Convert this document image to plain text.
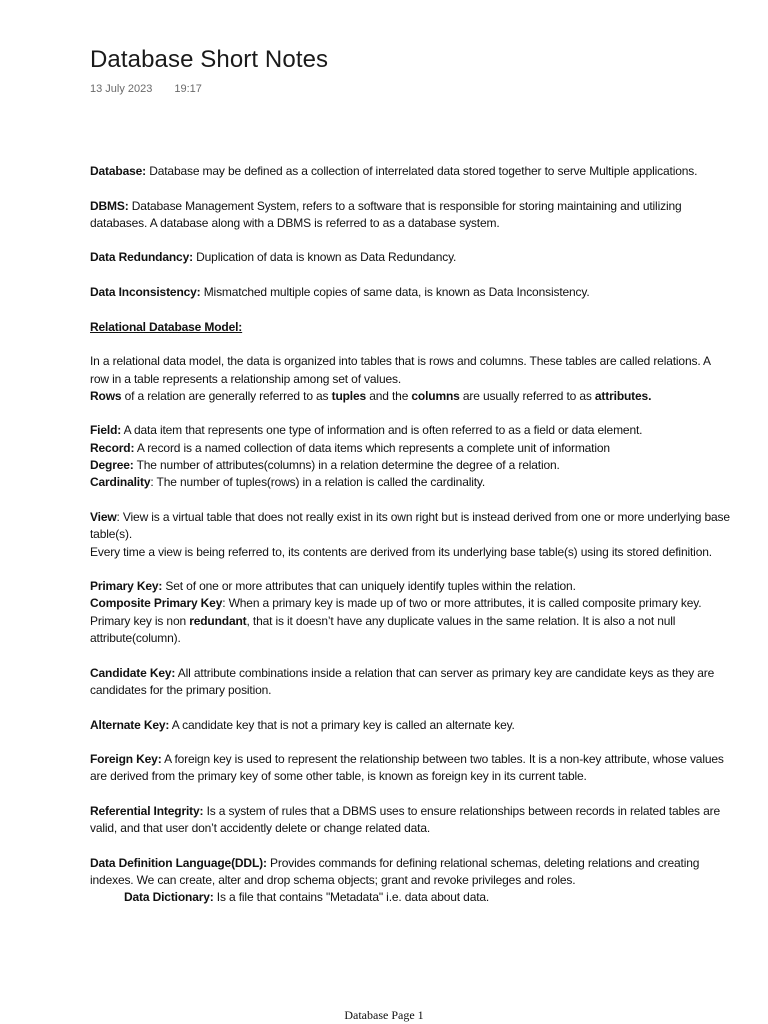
Database Short Notes
13 July 2023 19:17

Database: Database may be defined as a collection of interrelated data stored together to serve Multiple applications.

DBMS: Database Management System, refers to a software that is responsible for storing maintaining and utilizing databases. A database along with a DBMS is referred to as a database system.

Data Redundancy: Duplication of data is known as Data Redundancy.

Data Inconsistency: Mismatched multiple copies of same data, is known as Data Inconsistency.

Relational Database Model:

In a relational data model, the data is organized into tables that is rows and columns. These tables are called relations. A row in a table represents a relationship among set of values.

Rows of a relation are generally referred to as tuples and the columns are usually referred to as attributes.

Field: A data item that represents one type of information and is often referred to as a field or data element.

Record: A record is a named collection of data items which represents a complete unit of information

Degree: The number of attributes(columns) in a relation determine the degree of a relation.

Cardinality: The number of tuples(rows) in a relation is called the cardinality.

View: View is a virtual table that does not really exist in its own right but is instead derived from one or more underlying base table(s).

Every time a view is being referred to, its contents are derived from its underlying base table(s) using its stored definition.

Primary Key: Set of one or more attributes that can uniquely identify tuples within the relation.

Composite Primary Key: When a primary key is made up of two or more attributes, it is called composite primary key.

Primary key is non redundant, that is it doesn’t have any duplicate values in the same relation. It is also a not null attribute(column).

Candidate Key: All attribute combinations inside a relation that can server as primary key are candidate keys as they are candidates for the primary position.

Alternate Key: A candidate key that is not a primary key is called an alternate key.

Foreign Key: A foreign key is used to represent the relationship between two tables. It is a non-key attribute, whose values are derived from the primary key of some other table, is known as foreign key in its current table.

Referential Integrity: Is a system of rules that a DBMS uses to ensure relationships between records in related tables are valid, and that user don’t accidently delete or change related data.

Data Definition Language(DDL): Provides commands for defining relational schemas, deleting relations and creating indexes. We can create, alter and drop schema objects; grant and revoke privileges and roles.

Data Dictionary: Is a file that contains "Metadata" i.e. data about data.

Database Page 1
